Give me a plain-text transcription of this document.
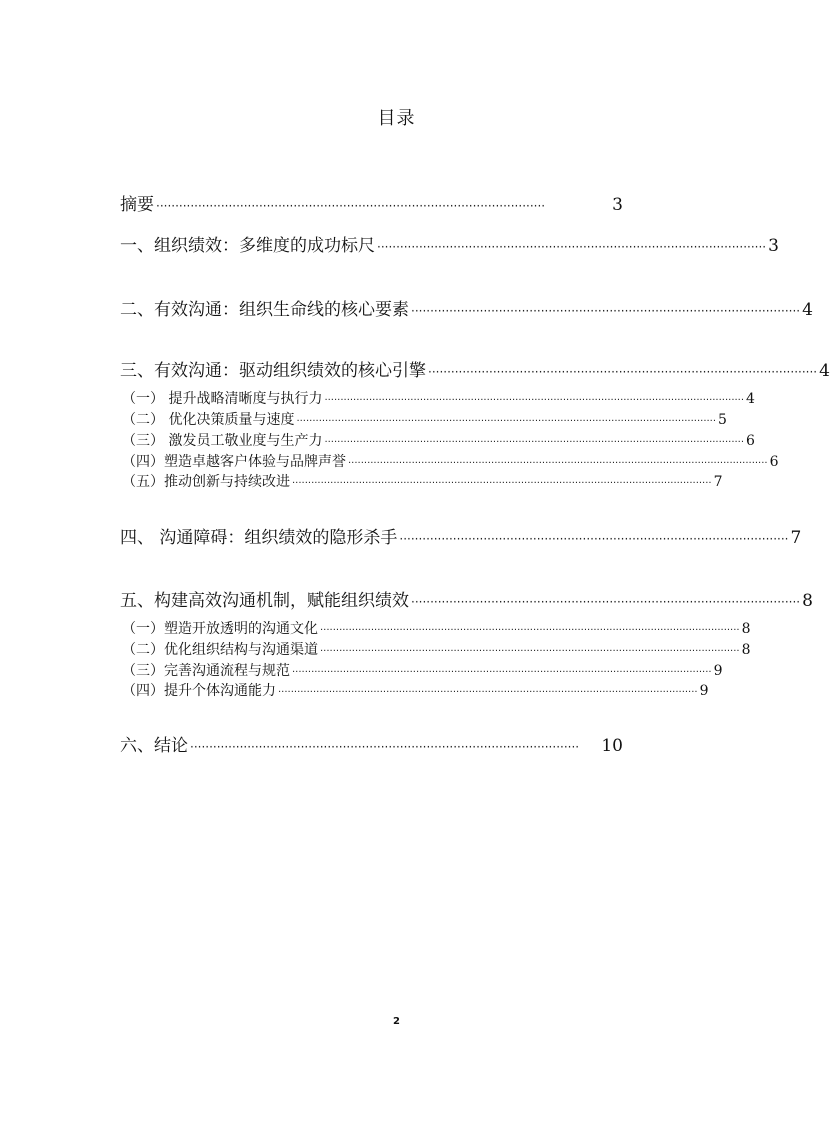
目录
摘要 ······································································································	3
一、组织绩效：多维度的成功标尺 ······································································································ 3
二、有效沟通：组织生命线的核心要素 ······································································································ 4
三、有效沟通：驱动组织绩效的核心引擎 ······································································································ 4
（一） 提升战略清晰度与执行力 ···································································································································· 4
（二） 优化决策质量与速度 ···································································································································· 5
（三） 激发员工敬业度与生产力 ···································································································································· 6
（四）塑造卓越客户体验与品牌声誉 ···································································································································· 6
（五）推动创新与持续改进 ···································································································································· 7
四、 沟通障碍：组织绩效的隐形杀手 ······································································································ 7
五、构建高效沟通机制，赋能组织绩效 ······································································································ 8
（一）塑造开放透明的沟通文化 ···································································································································· 8
（二）优化组织结构与沟通渠道 ···································································································································· 8
（三）完善沟通流程与规范 ···································································································································· 9
（四）提升个体沟通能力 ···································································································································· 9
六、结论 ······································································································	10
2
